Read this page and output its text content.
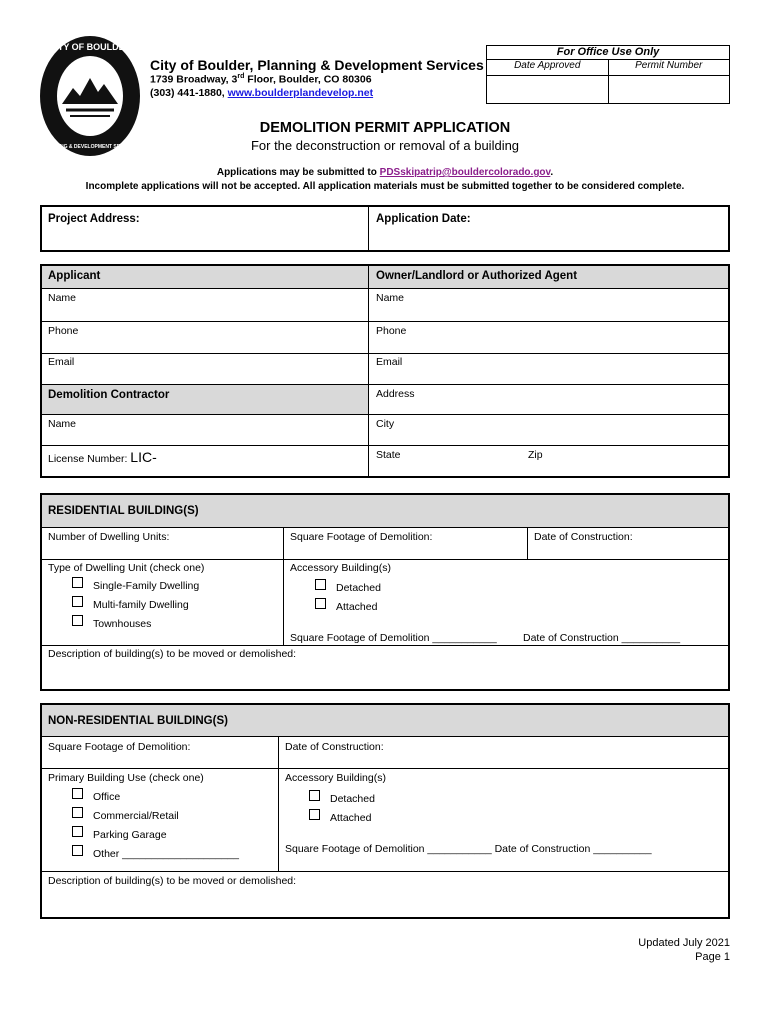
CITY OF BOULDER
PLANNING & DEVELOPMENT SERVICES
City of Boulder, Planning & Development Services
1739 Broadway, 3rd Floor, Boulder, CO 80306
(303) 441-1880, www.boulderplandevelop.net
For Office Use Only
Date Approved	Permit Number
DEMOLITION PERMIT APPLICATION
For the deconstruction or removal of a building
Applications may be submitted to PDSskipatrip@bouldercolorado.gov.
Incomplete applications will not be accepted. All application materials must be submitted together to be considered complete.
Project Address:	Application Date:
Applicant	Owner/Landlord or Authorized Agent
Name	Name
Phone	Phone
Email	Email
Demolition Contractor	Address
Name	City
License Number: LIC-	State	Zip
RESIDENTIAL BUILDING(S)
Number of Dwelling Units:	Square Footage of Demolition:	Date of Construction:
Type of Dwelling Unit (check one)
Single-Family Dwelling
Multi-family Dwelling
Townhouses
Accessory Building(s)
Detached
Attached
Square Footage of Demolition ___________	Date of Construction __________
Description of building(s) to be moved or demolished:
NON-RESIDENTIAL BUILDING(S)
Square Footage of Demolition:	Date of Construction:
Primary Building Use (check one)
Office
Commercial/Retail
Parking Garage
Other ____________________
Accessory Building(s)
Detached
Attached
Square Footage of Demolition ___________ Date of Construction __________
Description of building(s) to be moved or demolished:
Updated July 2021
Page 1
